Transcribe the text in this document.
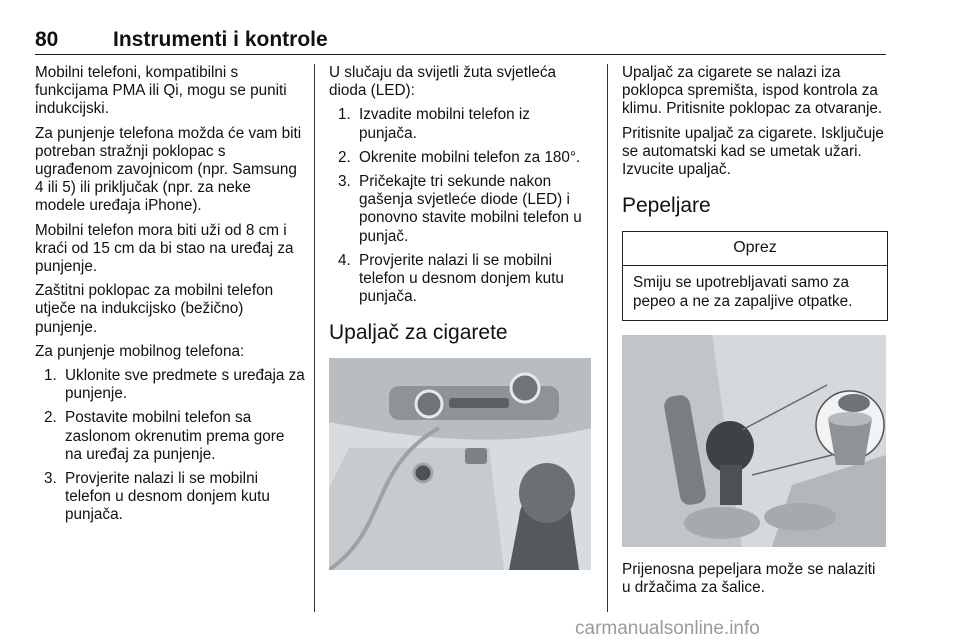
80	Instrumenti i kontrole

Mobilni telefoni, kompatibilni s funkcijama PMA ili Qi, mogu se puniti indukcijski.

Za punjenje telefona možda će vam biti potreban stražnji poklopac s ugrađenom zavojnicom (npr. Samsung 4 ili 5) ili priključak (npr. za neke modele uređaja iPhone).

Mobilni telefon mora biti uži od 8 cm i kraći od 15 cm da bi stao na uređaj za punjenje.

Zaštitni poklopac za mobilni telefon utječe na indukcijsko (bežično) punjenje.

Za punjenje mobilnog telefona:

1. Uklonite sve predmete s uređaja za punjenje.
2. Postavite mobilni telefon sa zaslonom okrenutim prema gore na uređaj za punjenje.
3. Provjerite nalazi li se mobilni telefon u desnom donjem kutu punjača.

U slučaju da svijetli žuta svjetleća dioda (LED):

1. Izvadite mobilni telefon iz punjača.
2. Okrenite mobilni telefon za 180°.
3. Pričekajte tri sekunde nakon gašenja svjetleće diode (LED) i ponovno stavite mobilni telefon u punjač.
4. Provjerite nalazi li se mobilni telefon u desnom donjem kutu punjača.
Upaljač za cigarete

Upaljač za cigarete se nalazi iza poklopca spremišta, ispod kontrola za klimu. Pritisnite poklopac za otvaranje.

Pritisnite upaljač za cigarete. Isključuje se automatski kad se umetak užari. Izvucite upaljač.

Pepeljare
Oprez
Smiju se upotrebljavati samo za pepeo a ne za zapaljive otpatke.

Prijenosna pepeljara može se nalaziti u držačima za šalice.

carmanualsonline.info
